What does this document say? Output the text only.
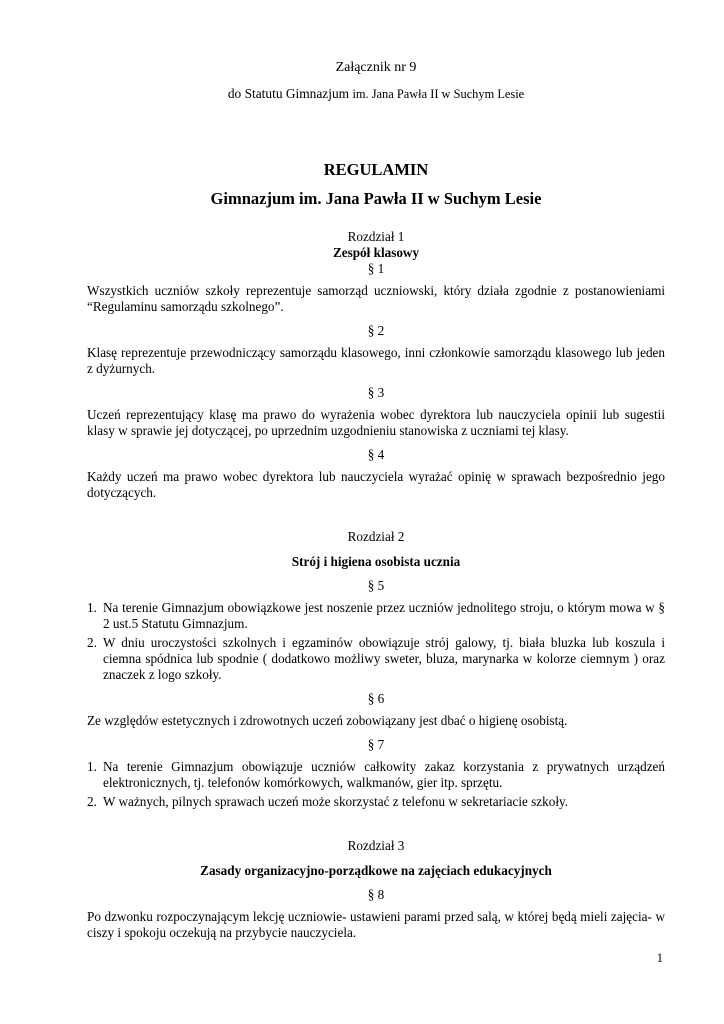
Załącznik nr 9

do Statutu Gimnazjum im. Jana Pawła II w Suchym Lesie

REGULAMIN

Gimnazjum im. Jana Pawła II w Suchym Lesie

Rozdział 1

Zespół klasowy

§ 1

Wszystkich uczniów szkoły reprezentuje samorząd uczniowski, który działa zgodnie z postanowieniami “Regulaminu samorządu szkolnego”.

§ 2

Klasę reprezentuje przewodniczący samorządu klasowego, inni członkowie samorządu klasowego lub jeden z dyżurnych.

§ 3

Uczeń reprezentujący klasę ma prawo do wyrażenia wobec dyrektora lub nauczyciela opinii lub sugestii klasy w sprawie jej dotyczącej, po uprzednim uzgodnieniu stanowiska z uczniami tej klasy.

§ 4

Każdy uczeń ma prawo wobec dyrektora lub nauczyciela wyrażać opinię w sprawach bezpośrednio jego dotyczących.

Rozdział 2

Strój i higiena osobista ucznia

§ 5

1. Na terenie Gimnazjum obowiązkowe jest noszenie przez uczniów jednolitego stroju, o którym mowa w § 2 ust.5 Statutu Gimnazjum.

2. W dniu uroczystości szkolnych i egzaminów obowiązuje strój galowy, tj. biała bluzka lub koszula i ciemna spódnica lub spodnie ( dodatkowo możliwy sweter, bluza, marynarka w kolorze ciemnym ) oraz znaczek z logo szkoły.

§ 6

Ze względów estetycznych i zdrowotnych uczeń zobowiązany jest dbać o higienę osobistą.

§ 7

1. Na terenie Gimnazjum obowiązuje uczniów całkowity zakaz korzystania z prywatnych urządzeń elektronicznych, tj. telefonów komórkowych, walkmanów, gier itp. sprzętu.

2. W ważnych, pilnych sprawach uczeń może skorzystać z telefonu w sekretariacie szkoły.

Rozdział 3

Zasady organizacyjno-porządkowe na zajęciach edukacyjnych

§ 8

Po dzwonku rozpoczynającym lekcję uczniowie- ustawieni parami przed salą, w której będą mieli zajęcia- w ciszy i spokoju oczekują na przybycie nauczyciela.

1
